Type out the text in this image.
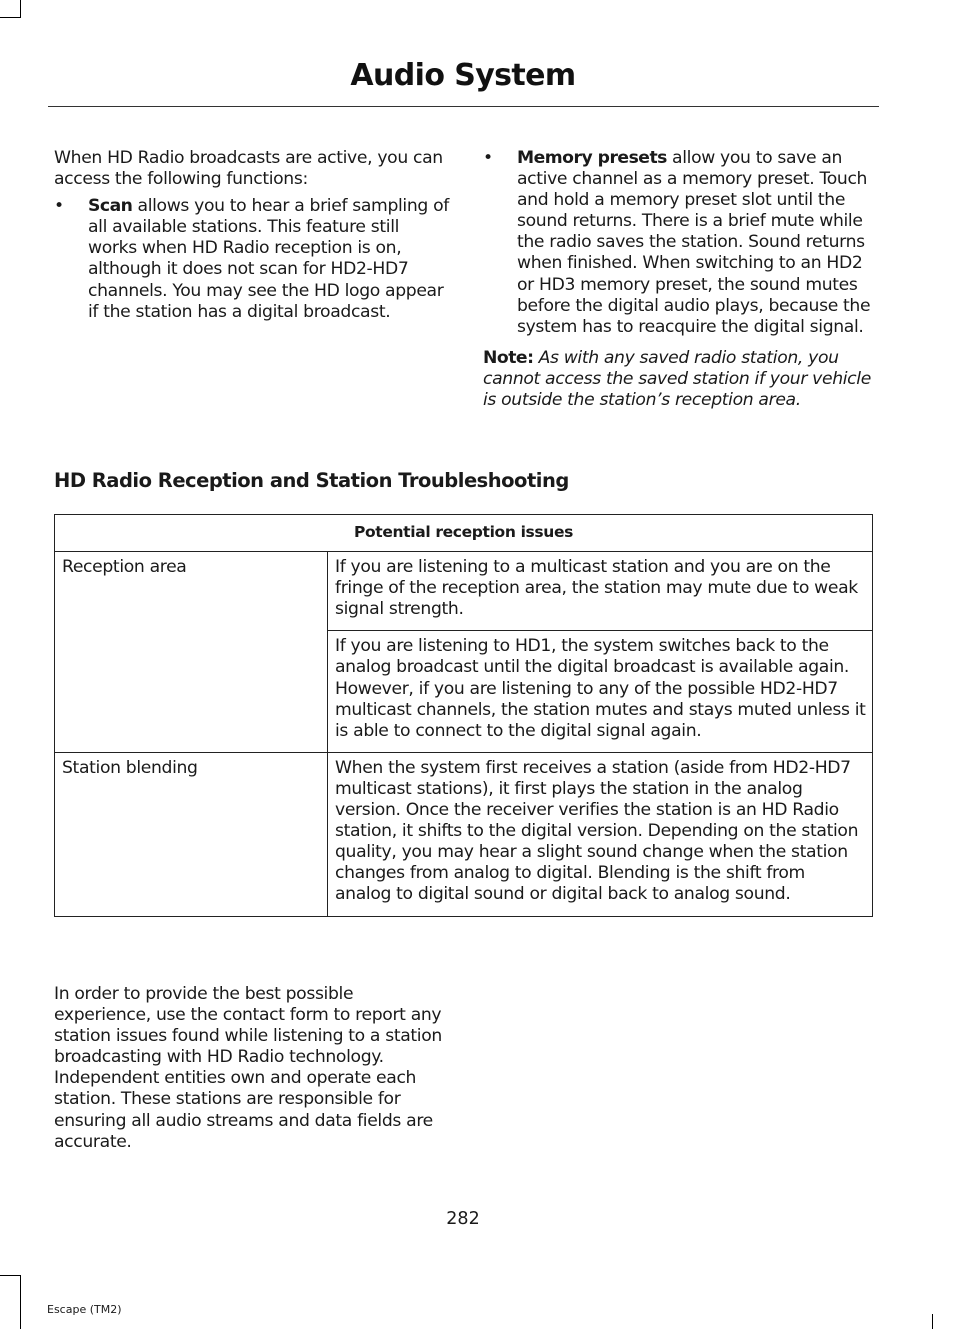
Audio System

When HD Radio broadcasts are active, you can access the following functions:

• Scan allows you to hear a brief sampling of all available stations. This feature still works when HD Radio reception is on, although it does not scan for HD2-HD7 channels. You may see the HD logo appear if the station has a digital broadcast.

• Memory presets allow you to save an active channel as a memory preset. Touch and hold a memory preset slot until the sound returns. There is a brief mute while the radio saves the station. Sound returns when finished. When switching to an HD2 or HD3 memory preset, the sound mutes before the digital audio plays, because the system has to reacquire the digital signal.

Note: As with any saved radio station, you cannot access the saved station if your vehicle is outside the station’s reception area.

HD Radio Reception and Station Troubleshooting
Potential reception issues	
Reception area	If you are listening to a multicast station and you are on the fringe of the reception area, the station may mute due to weak signal strength.
	If you are listening to HD1, the system switches back to the analog broadcast until the digital broadcast is available again. However, if you are listening to any of the possible HD2-HD7 multicast channels, the station mutes and stays muted unless it is able to connect to the digital signal again.
Station blending	When the system first receives a station (aside from HD2-HD7 multicast stations), it first plays the station in the analog version. Once the receiver verifies the station is an HD Radio station, it shifts to the digital version. Depending on the station quality, you may hear a slight sound change when the station changes from analog to digital. Blending is the shift from analog to digital sound or digital back to analog sound.
In order to provide the best possible experience, use the contact form to report any station issues found while listening to a station broadcasting with HD Radio technology. Independent entities own and operate each station. These stations are responsible for ensuring all audio streams and data fields are accurate.
282
Escape (TM2)
